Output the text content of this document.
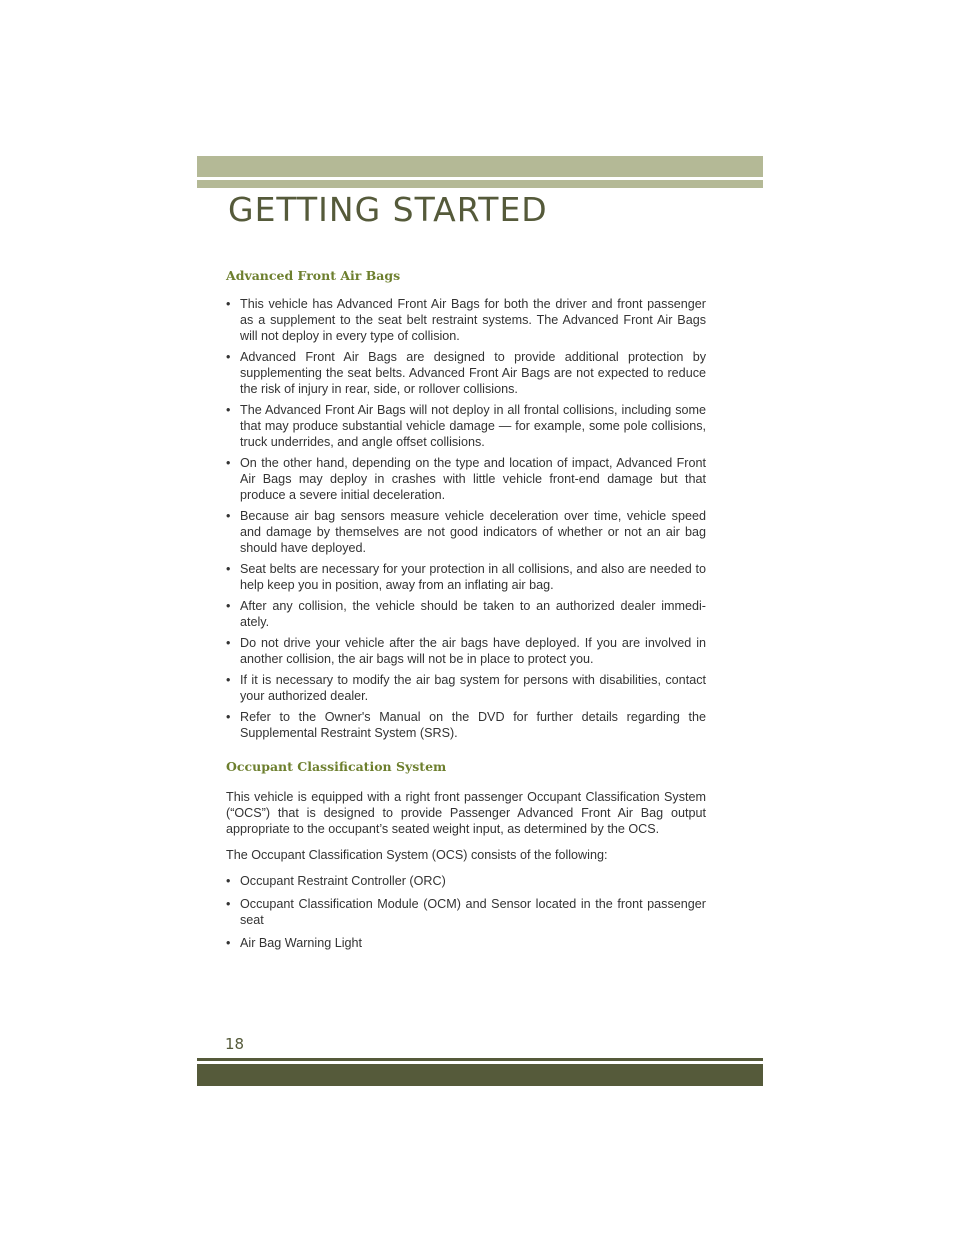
GETTING STARTED
Advanced Front Air Bags
• This vehicle has Advanced Front Air Bags for both the driver and front passenger as a supplement to the seat belt restraint systems. The Advanced Front Air Bags will not deploy in every type of collision.
• Advanced Front Air Bags are designed to provide additional protection by supplementing the seat belts. Advanced Front Air Bags are not expected to reduce the risk of injury in rear, side, or rollover collisions.
• The Advanced Front Air Bags will not deploy in all frontal collisions, including some that may produce substantial vehicle damage — for example, some pole collisions, truck underrides, and angle offset collisions.
• On the other hand, depending on the type and location of impact, Advanced Front Air Bags may deploy in crashes with little vehicle front-end damage but that produce a severe initial deceleration.
• Because air bag sensors measure vehicle deceleration over time, vehicle speed and damage by themselves are not good indicators of whether or not an air bag should have deployed.
• Seat belts are necessary for your protection in all collisions, and also are needed to help keep you in position, away from an inflating air bag.
• After any collision, the vehicle should be taken to an authorized dealer immedi- ately.
• Do not drive your vehicle after the air bags have deployed. If you are involved in another collision, the air bags will not be in place to protect you.
• If it is necessary to modify the air bag system for persons with disabilities, contact your authorized dealer.
• Refer to the Owner's Manual on the DVD for further details regarding the Supplemental Restraint System (SRS).
Occupant Classification System

This vehicle is equipped with a right front passenger Occupant Classification System (“OCS”) that is designed to provide Passenger Advanced Front Air Bag output appropriate to the occupant’s seated weight input, as determined by the OCS.

The Occupant Classification System (OCS) consists of the following:

• Occupant Restraint Controller (ORC)
• Occupant Classification Module (OCM) and Sensor located in the front passenger seat
• Air Bag Warning Light
18
